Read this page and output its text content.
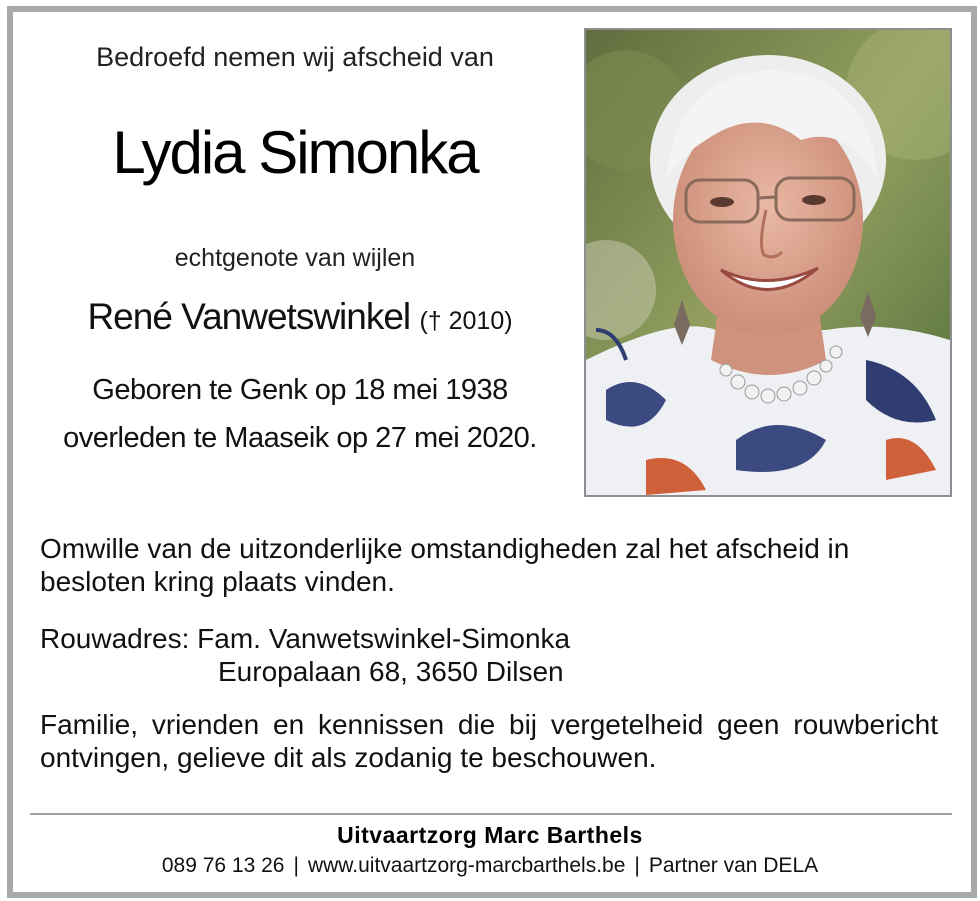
Bedroefd nemen wij afscheid van
Lydia Simonka
echtgenote van wijlen
René Vanwetswinkel († 2010)
Geboren te Genk op 18 mei 1938
overleden te Maaseik op 27 mei 2020.
Omwille van de uitzonderlijke omstandigheden zal het afscheid in besloten kring plaats vinden.
Rouwadres: Fam. Vanwetswinkel-Simonka
Europalaan 68, 3650 Dilsen
Familie, vrienden en kennissen die bij vergetelheid geen rouwbericht ontvingen, gelieve dit als zodanig te beschouwen.
Uitvaartzorg Marc Barthels
089 76 13 26 | www.uitvaartzorg-marcbarthels.be | Partner van DELA
